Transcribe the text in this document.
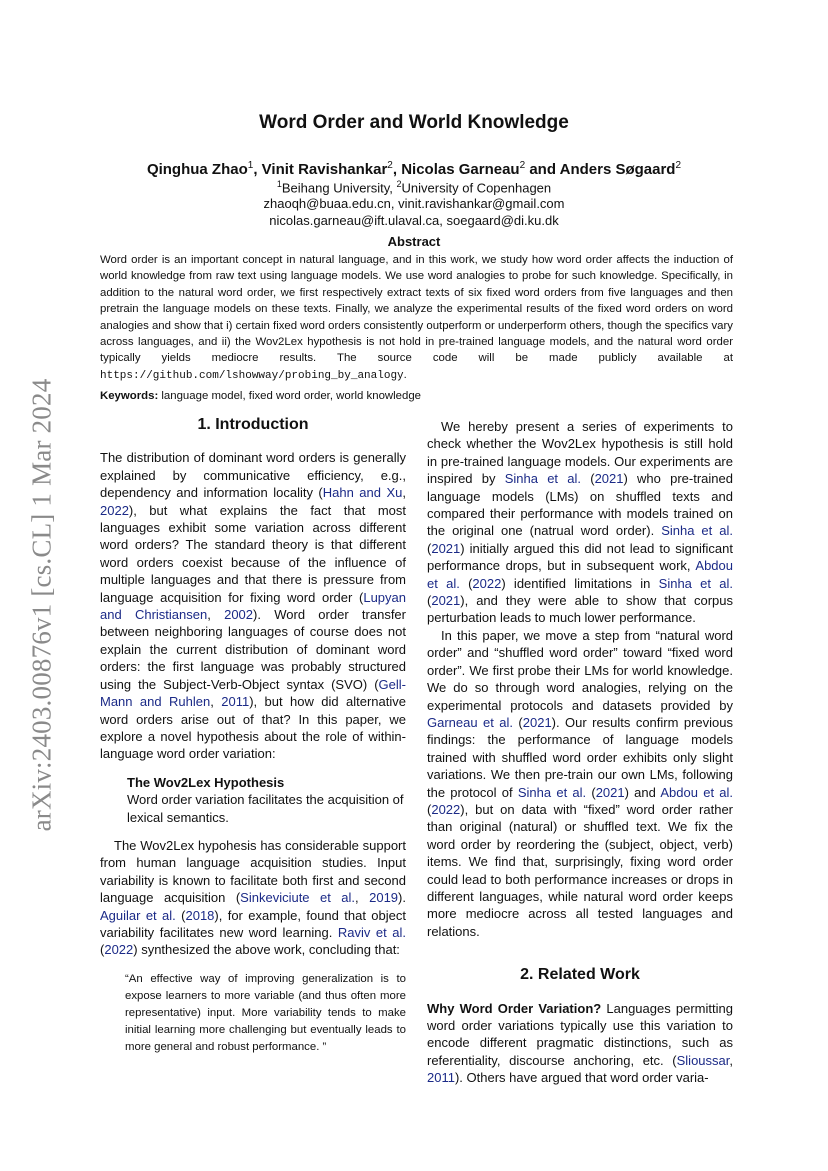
arXiv:2403.00876v1 [cs.CL] 1 Mar 2024
Word Order and World Knowledge
Qinghua Zhao$^1$, Vinit Ravishankar$^2$, Nicolas Garneau$^2$ and Anders Søgaard$^2$
$^1$Beihang University, $^2$University of Copenhagen
zhaoqh@buaa.edu.cn, vinit.ravishankar@gmail.com
nicolas.garneau@ift.ulaval.ca, soegaard@di.ku.dk
Abstract
Word order is an important concept in natural language, and in this work, we study how word order affects the induction of world knowledge from raw text using language models. We use word analogies to probe for such knowledge. Specifically, in addition to the natural word order, we first respectively extract texts of six fixed word orders from five languages and then pretrain the language models on these texts. Finally, we analyze the experimental results of the fixed word orders on word analogies and show that i) certain fixed word orders consistently outperform or underperform others, though the specifics vary across languages, and ii) the Wov2Lex hypothesis is not hold in pre-trained language models, and the natural word order typically yields mediocre results. The source code will be made publicly available at https://github.com/lshowway/probing_by_analogy.
Keywords: language model, fixed word order, world knowledge
1. Introduction

The distribution of dominant word orders is generally explained by communicative efficiency, e.g., dependency and information locality (Hahn and Xu, 2022), but what explains the fact that most languages exhibit some variation across different word orders? The standard theory is that different word orders coexist because of the influence of multiple languages and that there is pressure from language acquisition for fixing word order (Lupyan and Christiansen, 2002). Word order transfer between neighboring languages of course does not explain the current distribution of dominant word orders: the first language was probably structured using the Subject-Verb-Object syntax (SVO) (Gell-Mann and Ruhlen, 2011), but how did alternative word orders arise out of that? In this paper, we explore a novel hypothesis about the role of within-language word order variation:

The Wov2Lex Hypothesis
Word order variation facilitates the acquisition of lexical semantics.

The Wov2Lex hypohesis has considerable support from human language acquisition studies. Input variability is known to facilitate both first and second language acquisition (Sinkeviciute et al., 2019). Aguilar et al. (2018), for example, found that object variability facilitates new word learning. Raviv et al. (2022) synthesized the above work, concluding that:

“An effective way of improving generalization is to expose learners to more variable (and thus often more representative) input. More variability tends to make initial learning more challenging but eventually leads to more general and robust performance. ”

We hereby present a series of experiments to check whether the Wov2Lex hypothesis is still hold in pre-trained language models. Our experiments are inspired by Sinha et al. (2021) who pre-trained language models (LMs) on shuffled texts and compared their performance with models trained on the original one (natrual word order). Sinha et al. (2021) initially argued this did not lead to significant performance drops, but in subsequent work, Abdou et al. (2022) identified limitations in Sinha et al. (2021), and they were able to show that corpus perturbation leads to much lower performance.

In this paper, we move a step from “natural word order” and “shuffled word order” toward “fixed word order”. We first probe their LMs for world knowledge. We do so through word analogies, relying on the experimental protocols and datasets provided by Garneau et al. (2021). Our results confirm previous findings: the performance of language models trained with shuffled word order exhibits only slight variations. We then pre-train our own LMs, following the protocol of Sinha et al. (2021) and Abdou et al. (2022), but on data with “fixed” word order rather than original (natural) or shuffled text. We fix the word order by reordering the (subject, object, verb) items. We find that, surprisingly, fixing word order could lead to both performance increases or drops in different languages, while natural word order keeps more mediocre across all tested languages and relations.

2. Related Work

Why Word Order Variation? Languages permitting word order variations typically use this variation to encode different pragmatic distinctions, such as referentiality, discourse anchoring, etc. (Slioussar, 2011). Others have argued that word order varia-
